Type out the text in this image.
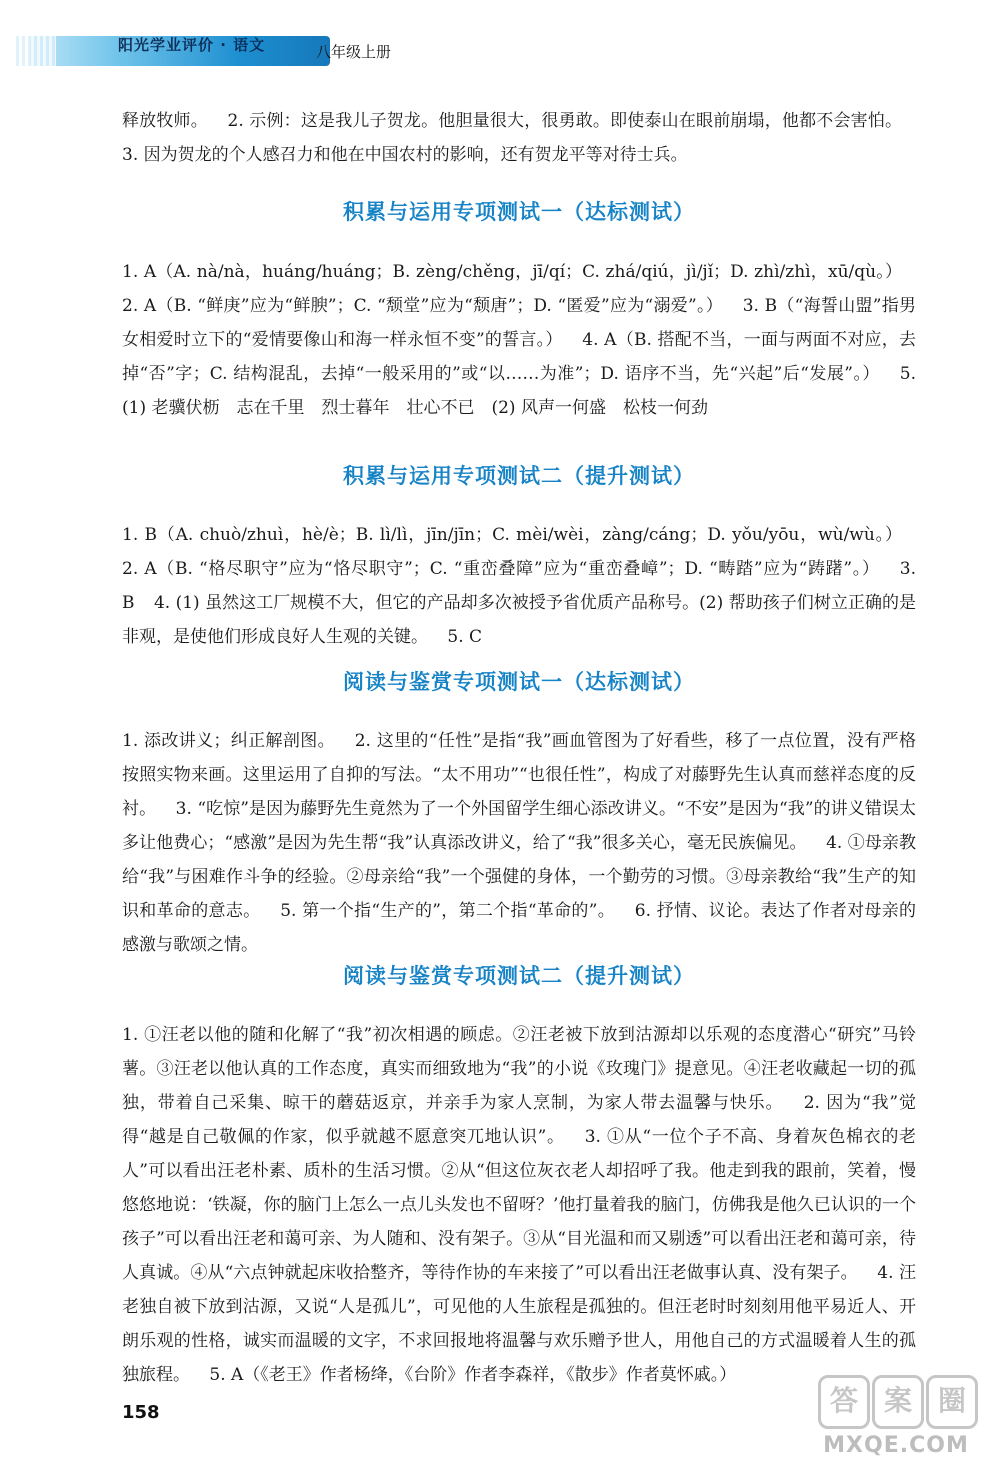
阳光学业评价 · 语文	八年级上册

释放牧师。 2. 示例：这是我儿子贺龙。他胆量很大，很勇敢。即使泰山在眼前崩塌，他都不会害怕。 3. 因为贺龙的个人感召力和他在中国农村的影响，还有贺龙平等对待士兵。

积累与运用专项测试一（达标测试）

1. A（A. nà/nà，huáng/huáng；B. zèng/chěng，jī/qí；C. zhá/qiú，jì/jǐ；D. zhì/zhì，xū/qù。） 2. A（B. “鲜庚”应为“鲜腴”；C. “颓堂”应为“颓唐”；D. “匿爱”应为“溺爱”。） 3. B（“海誓山盟”指男女相爱时立下的“爱情要像山和海一样永恒不变”的誓言。） 4. A（B. 搭配不当，一面与两面不对应，去掉“否”字；C. 结构混乱，去掉“一般采用的”或“以……为准”；D. 语序不当，先“兴起”后“发展”。） 5. (1) 老骥伏枥　志在千里　烈士暮年　壮心不已　(2) 风声一何盛　松枝一何劲

积累与运用专项测试二（提升测试）

1. B（A. chuò/zhuì，hè/è；B. lì/lì，jīn/jīn；C. mèi/wèi，zàng/cáng；D. yǒu/yōu，wù/wù。） 2. A（B. “格尽职守”应为“恪尽职守”；C. “重峦叠障”应为“重峦叠嶂”；D. “畴踏”应为“踌躇”。） 3. B 4. (1) 虽然这工厂规模不大，但它的产品却多次被授予省优质产品称号。(2) 帮助孩子们树立正确的是非观，是使他们形成良好人生观的关键。 5. C

阅读与鉴赏专项测试一（达标测试）

1. 添改讲义；纠正解剖图。 2. 这里的“任性”是指“我”画血管图为了好看些，移了一点位置，没有严格按照实物来画。这里运用了自抑的写法。“太不用功”“也很任性”，构成了对藤野先生认真而慈祥态度的反衬。 3. “吃惊”是因为藤野先生竟然为了一个外国留学生细心添改讲义。“不安”是因为“我”的讲义错误太多让他费心；“感激”是因为先生帮“我”认真添改讲义，给了“我”很多关心，毫无民族偏见。 4. ①母亲教给“我”与困难作斗争的经验。②母亲给“我”一个强健的身体，一个勤劳的习惯。③母亲教给“我”生产的知识和革命的意志。 5. 第一个指“生产的”，第二个指“革命的”。 6. 抒情、议论。表达了作者对母亲的感激与歌颂之情。

阅读与鉴赏专项测试二（提升测试）

1. ①汪老以他的随和化解了“我”初次相遇的顾虑。②汪老被下放到沽源却以乐观的态度潜心“研究”马铃薯。③汪老以他认真的工作态度，真实而细致地为“我”的小说《玫瑰门》提意见。④汪老收藏起一切的孤独，带着自己采集、晾干的蘑菇返京，并亲手为家人烹制，为家人带去温馨与快乐。 2. 因为“我”觉得“越是自己敬佩的作家，似乎就越不愿意突兀地认识”。 3. ①从“一位个子不高、身着灰色棉衣的老人”可以看出汪老朴素、质朴的生活习惯。②从“但这位灰衣老人却招呼了我。他走到我的跟前，笑着，慢悠悠地说：‘铁凝，你的脑门上怎么一点儿头发也不留呀？’他打量着我的脑门，仿佛我是他久已认识的一个孩子”可以看出汪老和蔼可亲、为人随和、没有架子。③从“目光温和而又剔透”可以看出汪老和蔼可亲，待人真诚。④从“六点钟就起床收拾整齐，等待作协的车来接了”可以看出汪老做事认真、没有架子。 4. 汪老独自被下放到沽源，又说“人是孤儿”，可见他的人生旅程是孤独的。但汪老时时刻刻用他平易近人、开朗乐观的性格，诚实而温暖的文字，不求回报地将温馨与欢乐赠予世人，用他自己的方式温暖着人生的孤独旅程。 5. A（《老王》作者杨绛，《台阶》作者李森祥，《散步》作者莫怀戚。）

158	答 案 圈
MXQE.COM
